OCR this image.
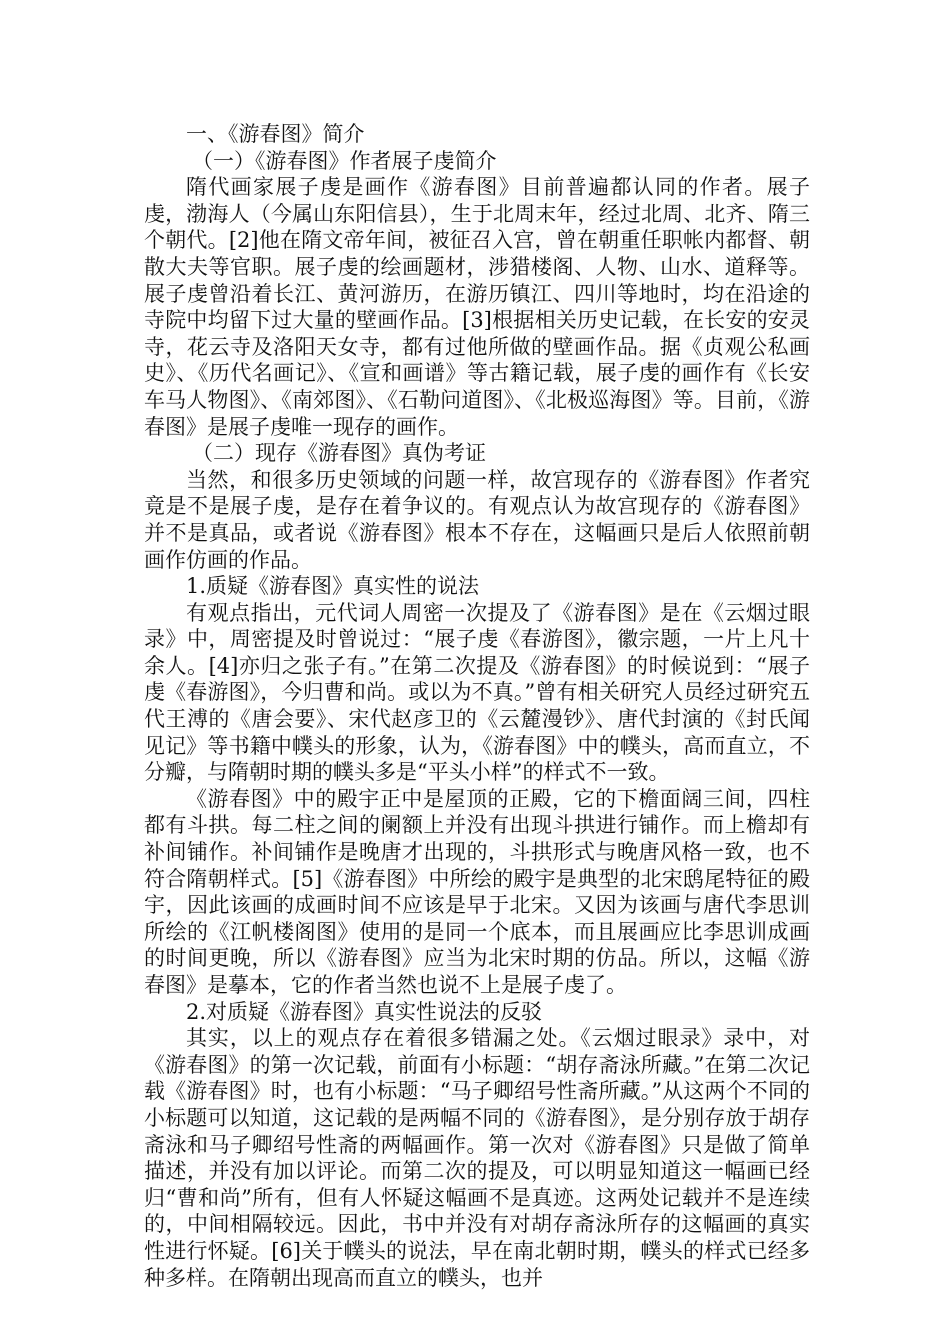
一、《游春图》简介

（一）《游春图》作者展子虔简介

隋代画家展子虔是画作《游春图》目前普遍都认同的作者。展子虔，渤海人（今属山东阳信县），生于北周末年，经过北周、北齐、隋三个朝代。[2]他在隋文帝年间，被征召入宫，曾在朝重任职帐内都督、朝散大夫等官职。展子虔的绘画题材，涉猎楼阁、人物、山水、道释等。展子虔曾沿着长江、黄河游历，在游历镇江、四川等地时，均在沿途的寺院中均留下过大量的壁画作品。[3]根据相关历史记载，在长安的安灵寺，花云寺及洛阳天女寺，都有过他所做的壁画作品。据《贞观公私画史》、《历代名画记》、《宣和画谱》等古籍记载，展子虔的画作有《长安车马人物图》、《南郊图》、《石勒问道图》、《北极巡海图》等。目前，《游春图》是展子虔唯一现存的画作。

（二）现存《游春图》真伪考证

当然，和很多历史领域的问题一样，故宫现存的《游春图》作者究竟是不是展子虔，是存在着争议的。有观点认为故宫现存的《游春图》并不是真品，或者说《游春图》根本不存在，这幅画只是后人依照前朝画作仿画的作品。

1.质疑《游春图》真实性的说法

有观点指出，元代词人周密一次提及了《游春图》是在《云烟过眼录》中，周密提及时曾说过：“展子虔《春游图》，徽宗题，一片上凡十余人。[4]亦归之张子有。”在第二次提及《游春图》的时候说到：“展子虔《春游图》，今归曹和尚。或以为不真。”曾有相关研究人员经过研究五代王溥的《唐会要》、宋代赵彦卫的《云麓漫钞》、唐代封演的《封氏闻见记》等书籍中幞头的形象，认为，《游春图》中的幞头，高而直立，不分瓣，与隋朝时期的幞头多是“平头小样”的样式不一致。

《游春图》中的殿宇正中是屋顶的正殿，它的下檐面阔三间，四柱都有斗拱。每二柱之间的阑额上并没有出现斗拱进行铺作。而上檐却有补间铺作。补间铺作是晚唐才出现的，斗拱形式与晚唐风格一致，也不符合隋朝样式。[5]《游春图》中所绘的殿宇是典型的北宋鸱尾特征的殿宇，因此该画的成画时间不应该是早于北宋。又因为该画与唐代李思训所绘的《江帆楼阁图》使用的是同一个底本，而且展画应比李思训成画的时间更晚，所以《游春图》应当为北宋时期的仿品。所以，这幅《游春图》是摹本，它的作者当然也说不上是展子虔了。

2.对质疑《游春图》真实性说法的反驳

其实，以上的观点存在着很多错漏之处。《云烟过眼录》录中，对《游春图》的第一次记载，前面有小标题：“胡存斋泳所藏。”在第二次记载《游春图》时，也有小标题：“马子卿绍号性斋所藏。”从这两个不同的小标题可以知道，这记载的是两幅不同的《游春图》，是分别存放于胡存斋泳和马子卿绍号性斋的两幅画作。第一次对《游春图》只是做了简单描述，并没有加以评论。而第二次的提及，可以明显知道这一幅画已经归“曹和尚”所有，但有人怀疑这幅画不是真迹。这两处记载并不是连续的，中间相隔较远。因此，书中并没有对胡存斋泳所存的这幅画的真实性进行怀疑。[6]关于幞头的说法，早在南北朝时期，幞头的样式已经多种多样。在隋朝出现高而直立的幞头，也并
